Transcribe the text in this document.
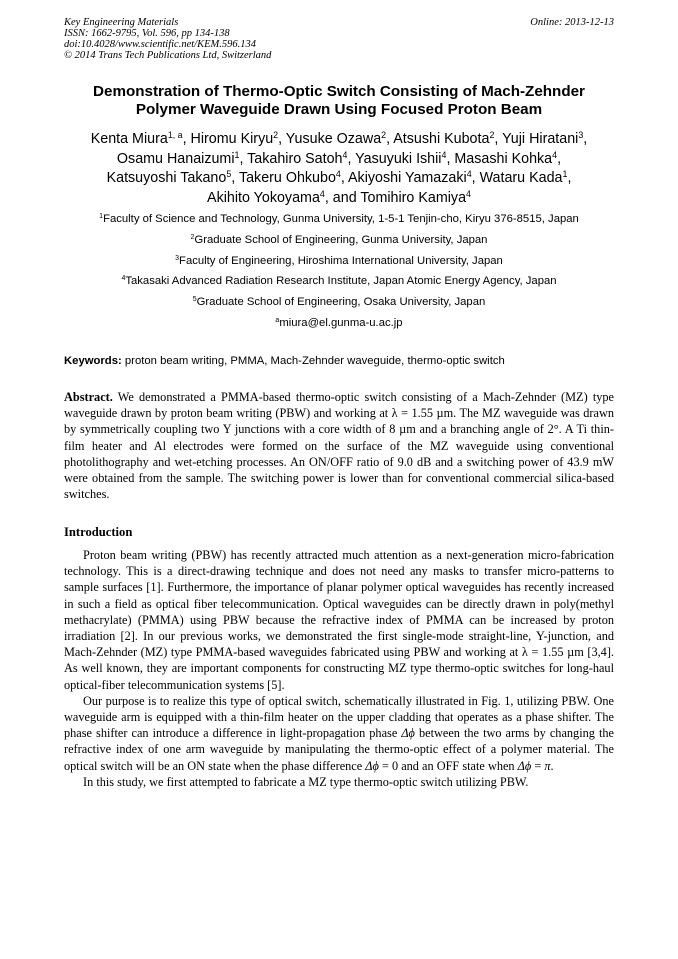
Key Engineering Materials
ISSN: 1662-9795, Vol. 596, pp 134-138
doi:10.4028/www.scientific.net/KEM.596.134
© 2014 Trans Tech Publications Ltd, Switzerland
Online: 2013-12-13
Demonstration of Thermo-Optic Switch Consisting of Mach-Zehnder
Polymer Waveguide Drawn Using Focused Proton Beam
Kenta Miura$^{1, a}$, Hiromu Kiryu$^2$, Yusuke Ozawa$^2$, Atsushi Kubota$^2$, Yuji Hiratani$^3$,
Osamu Hanaizumi$^1$, Takahiro Satoh$^4$, Yasuyuki Ishii$^4$, Masashi Kohka$^4$,
Katsuyoshi Takano$^5$, Takeru Ohkubo$^4$, Akiyoshi Yamazaki$^4$, Wataru Kada$^1$,
Akihito Yokoyama$^4$, and Tomihiro Kamiya$^4$
$^1$Faculty of Science and Technology, Gunma University, 1-5-1 Tenjin-cho, Kiryu 376-8515, Japan
$^2$Graduate School of Engineering, Gunma University, Japan
$^3$Faculty of Engineering, Hiroshima International University, Japan
$^4$Takasaki Advanced Radiation Research Institute, Japan Atomic Energy Agency, Japan
$^5$Graduate School of Engineering, Osaka University, Japan
$^a$miura@el.gunma-u.ac.jp
Keywords: proton beam writing, PMMA, Mach-Zehnder waveguide, thermo-optic switch
Abstract. We demonstrated a PMMA-based thermo-optic switch consisting of a Mach-Zehnder (MZ) type waveguide drawn by proton beam writing (PBW) and working at λ = 1.55 µm. The MZ waveguide was drawn by symmetrically coupling two Y junctions with a core width of 8 µm and a branching angle of 2°. A Ti thin-film heater and Al electrodes were formed on the surface of the MZ waveguide using conventional photolithography and wet-etching processes. An ON/OFF ratio of 9.0 dB and a switching power of 43.9 mW were obtained from the sample. The switching power is lower than for conventional commercial silica-based switches.
Introduction

Proton beam writing (PBW) has recently attracted much attention as a next-generation micro-fabrication technology. This is a direct-drawing technique and does not need any masks to transfer micro-patterns to sample surfaces [1]. Furthermore, the importance of planar polymer optical waveguides has recently increased in such a field as optical fiber telecommunication. Optical waveguides can be directly drawn in poly(methyl methacrylate) (PMMA) using PBW because the refractive index of PMMA can be increased by proton irradiation [2]. In our previous works, we demonstrated the first single-mode straight-line, Y-junction, and Mach-Zehnder (MZ) type PMMA-based waveguides fabricated using PBW and working at λ = 1.55 µm [3,4]. As well known, they are important components for constructing MZ type thermo-optic switches for long-haul optical-fiber telecommunication systems [5].

Our purpose is to realize this type of optical switch, schematically illustrated in Fig. 1, utilizing PBW. One waveguide arm is equipped with a thin-film heater on the upper cladding that operates as a phase shifter. The phase shifter can introduce a difference in light-propagation phase Δϕ between the two arms by changing the refractive index of one arm waveguide by manipulating the thermo-optic effect of a polymer material. The optical switch will be an ON state when the phase difference Δϕ = 0 and an OFF state when Δϕ = π.

In this study, we first attempted to fabricate a MZ type thermo-optic switch utilizing PBW.
